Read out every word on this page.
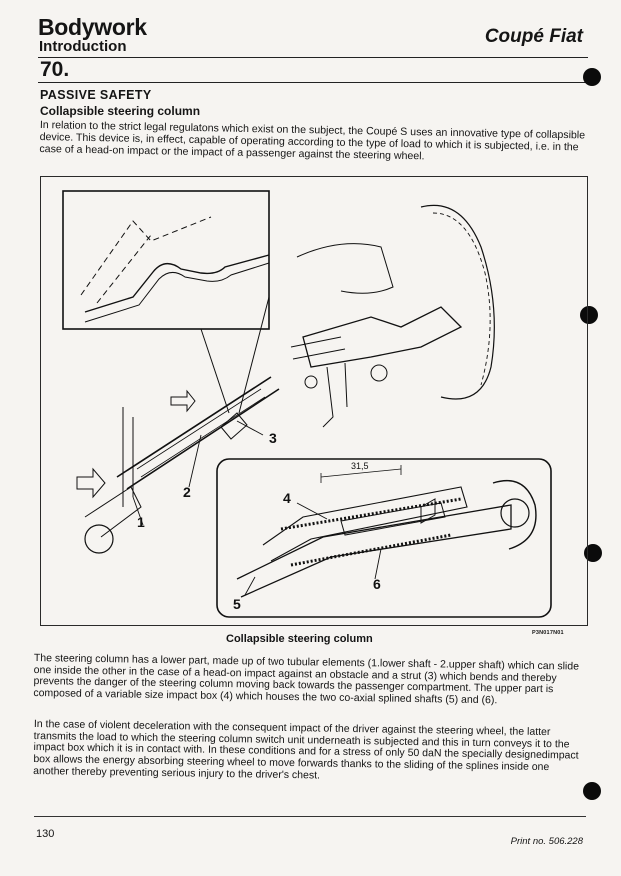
Bodywork
Introduction	Coupé Fiat
70.
PASSIVE SAFETY
Collapsible steering column
In relation to the strict legal regulatons which exist on the subject, the Coupé S uses an innovative type of collapsible device. This device is, in effect, capable of operating according to the type of load to which it is subjected, i.e. in the case of a head-on impact or the impact of a passenger against the steering wheel.
1
2
3
4
5
6
31,5
Collapsible steering column	P3N017N01
The steering column has a lower part, made up of two tubular elements (1.lower shaft - 2.upper shaft) which can slide one inside the other in the case of a head-on impact against an obstacle and a strut (3) which bends and thereby prevents the danger of the steering column moving back towards the passenger compartment. The upper part is composed of a variable size impact box (4) which houses the two co-axial splined shafts (5) and (6).
In the case of violent deceleration with the consequent impact of the driver against the steering wheel, the latter transmits the load to which the steering column switch unit underneath is subjected and this in turn conveys it to the impact box which it is in contact with. In these conditions and for a stress of only 50 daN the specially designedimpact box allows the energy absorbing steering wheel to move forwards thanks to the sliding of the splines inside one another thereby preventing serious injury to the driver's chest.
130
Print no. 506.228
